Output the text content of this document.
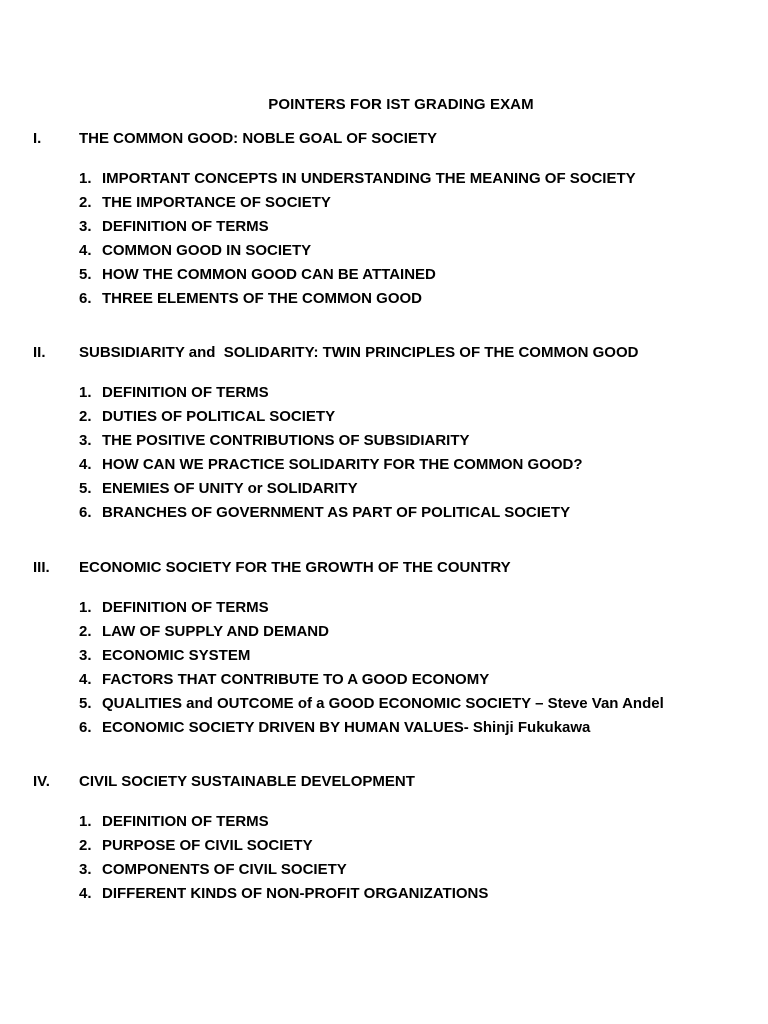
POINTERS FOR IST GRADING EXAM
I.	THE COMMON GOOD: NOBLE GOAL OF SOCIETY
1. IMPORTANT CONCEPTS IN UNDERSTANDING THE MEANING OF SOCIETY
2. THE IMPORTANCE OF SOCIETY
3. DEFINITION OF TERMS
4. COMMON GOOD IN SOCIETY
5. HOW THE COMMON GOOD CAN BE ATTAINED
6. THREE ELEMENTS OF THE COMMON GOOD
II. SUBSIDIARITY and  SOLIDARITY: TWIN PRINCIPLES OF THE COMMON GOOD
1. DEFINITION OF TERMS
2. DUTIES OF POLITICAL SOCIETY
3. THE POSITIVE CONTRIBUTIONS OF SUBSIDIARITY
4. HOW CAN WE PRACTICE SOLIDARITY FOR THE COMMON GOOD?
5. ENEMIES OF UNITY or SOLIDARITY
6. BRANCHES OF GOVERNMENT AS PART OF POLITICAL SOCIETY
III. ECONOMIC SOCIETY FOR THE GROWTH OF THE COUNTRY
1. DEFINITION OF TERMS
2. LAW OF SUPPLY AND DEMAND
3. ECONOMIC SYSTEM
4. FACTORS THAT CONTRIBUTE TO A GOOD ECONOMY
5. QUALITIES and OUTCOME of a GOOD ECONOMIC SOCIETY – Steve Van Andel
6. ECONOMIC SOCIETY DRIVEN BY HUMAN VALUES- Shinji Fukukawa
IV. CIVIL SOCIETY SUSTAINABLE DEVELOPMENT
1. DEFINITION OF TERMS
2. PURPOSE OF CIVIL SOCIETY
3. COMPONENTS OF CIVIL SOCIETY
4. DIFFERENT KINDS OF NON-PROFIT ORGANIZATIONS
